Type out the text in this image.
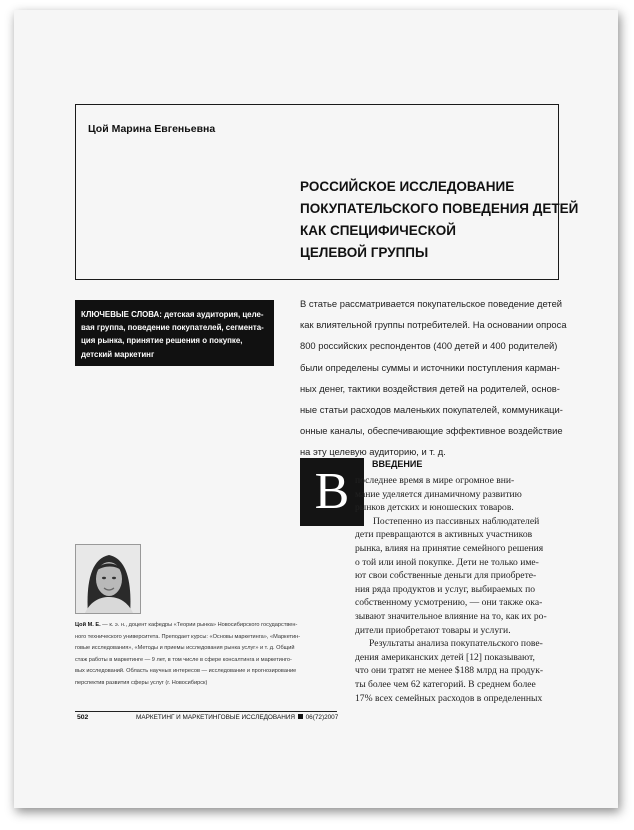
Цой Марина Евгеньевна
РОССИЙСКОЕ ИССЛЕДОВАНИЕ
ПОКУПАТЕЛЬСКОГО ПОВЕДЕНИЯ ДЕТЕЙ
КАК СПЕЦИФИЧЕСКОЙ
ЦЕЛЕВОЙ ГРУППЫ
КЛЮЧЕВЫЕ СЛОВА: детская аудитория, целе-
вая группа, поведение покупателей, сегмента-
ция рынка, принятие решения о покупке,
детский маркетинг
В статье рассматривается покупательское поведение детей
как влиятельной группы потребителей. На основании опроса
800 российских респондентов (400 детей и 400 родителей)
были определены суммы и источники поступления карман-
ных денег, тактики воздействия детей на родителей, основ-
ные статьи расходов маленьких покупателей, коммуникаци-
онные каналы, обеспечивающие эффективное воздействие
на эту целевую аудиторию, и т. д.
В	ВВЕДЕНИЕ
последнее время в мире огромное вни-
мание уделяется динамичному развитию
рынков детских и юношеских товаров.
Постепенно из пассивных наблюдателей
дети превращаются в активных участников
рынка, влияя на принятие семейного решения
о той или иной покупке. Дети не только име-
ют свои собственные деньги для приобрете-
ния ряда продуктов и услуг, выбираемых по
собственному усмотрению, — они также ока-
зывают значительное влияние на то, как их ро-
дители приобретают товары и услуги.
Результаты анализа покупательского пове-
дения американских детей [12] показывают,
что они тратят не менее $188 млрд на продук-
ты более чем 62 категорий. В среднем более
17% всех семейных расходов в определенных
Цой М. Е. — к. э. н., доцент кафедры «Теории рынка» Новосибирского государствен-
ного технического университета. Преподает курсы: «Основы маркетинга», «Маркетин-
говые исследования», «Методы и приемы исследования рынка услуг» и т. д. Общий
стаж работы в маркетинге — 9 лет, в том числе в сфере консалтинга и маркетинго-
вых исследований. Область научных интересов — исследование и прогнозирование
перспектив развития сферы услуг (г. Новосибирск)
502	МАРКЕТИНГ И МАРКЕТИНГОВЫЕ ИССЛЕДОВАНИЯ 06(72)2007
